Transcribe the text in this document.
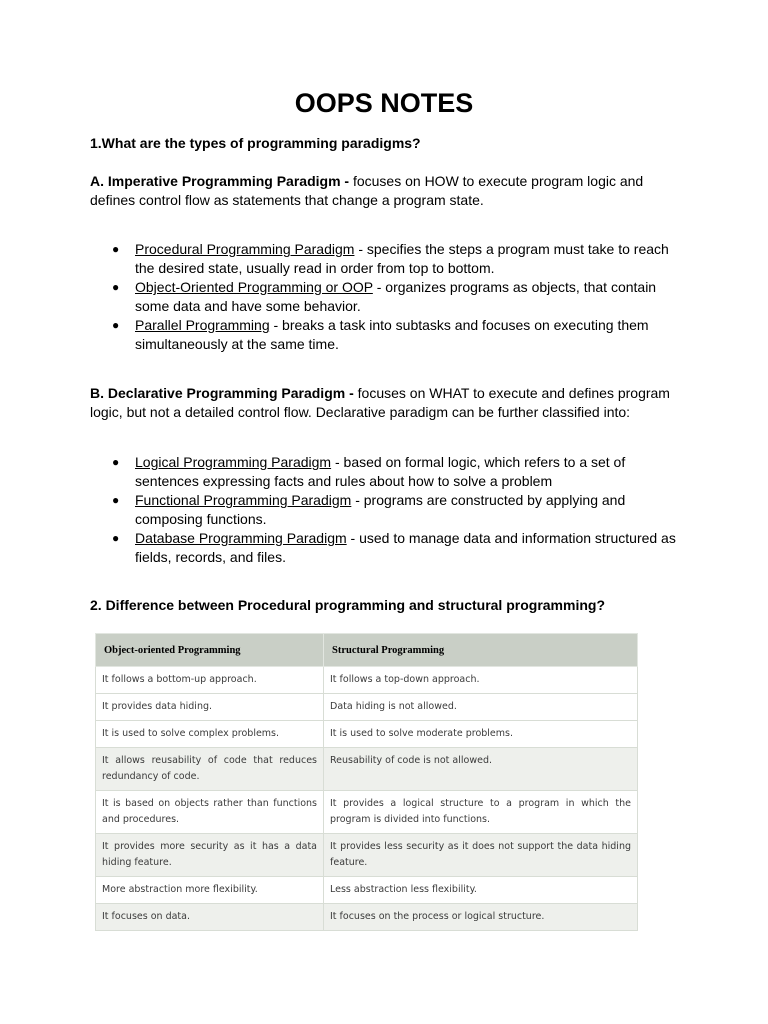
OOPS NOTES
1.What are the types of programming paradigms?
A. Imperative Programming Paradigm - focuses on HOW to execute program logic and defines control flow as statements that change a program state.
● Procedural Programming Paradigm - specifies the steps a program must take to reach the desired state, usually read in order from top to bottom.
● Object-Oriented Programming or OOP - organizes programs as objects, that contain some data and have some behavior.
● Parallel Programming - breaks a task into subtasks and focuses on executing them simultaneously at the same time.
B. Declarative Programming Paradigm - focuses on WHAT to execute and defines program logic, but not a detailed control flow. Declarative paradigm can be further classified into:
● Logical Programming Paradigm - based on formal logic, which refers to a set of sentences expressing facts and rules about how to solve a problem
● Functional Programming Paradigm - programs are constructed by applying and composing functions.
● Database Programming Paradigm - used to manage data and information structured as fields, records, and files.
2. Difference between Procedural programming and structural programming?
Object-oriented Programming	Structural Programming
It follows a bottom-up approach.	It follows a top-down approach.
It provides data hiding.	Data hiding is not allowed.
It is used to solve complex problems.	It is used to solve moderate problems.
It allows reusability of code that reduces redundancy of code.	Reusability of code is not allowed.
It is based on objects rather than functions and procedures.	It provides a logical structure to a program in which the program is divided into functions.
It provides more security as it has a data hiding feature.	It provides less security as it does not support the data hiding feature.
More abstraction more flexibility.	Less abstraction less flexibility.
It focuses on data.	It focuses on the process or logical structure.
